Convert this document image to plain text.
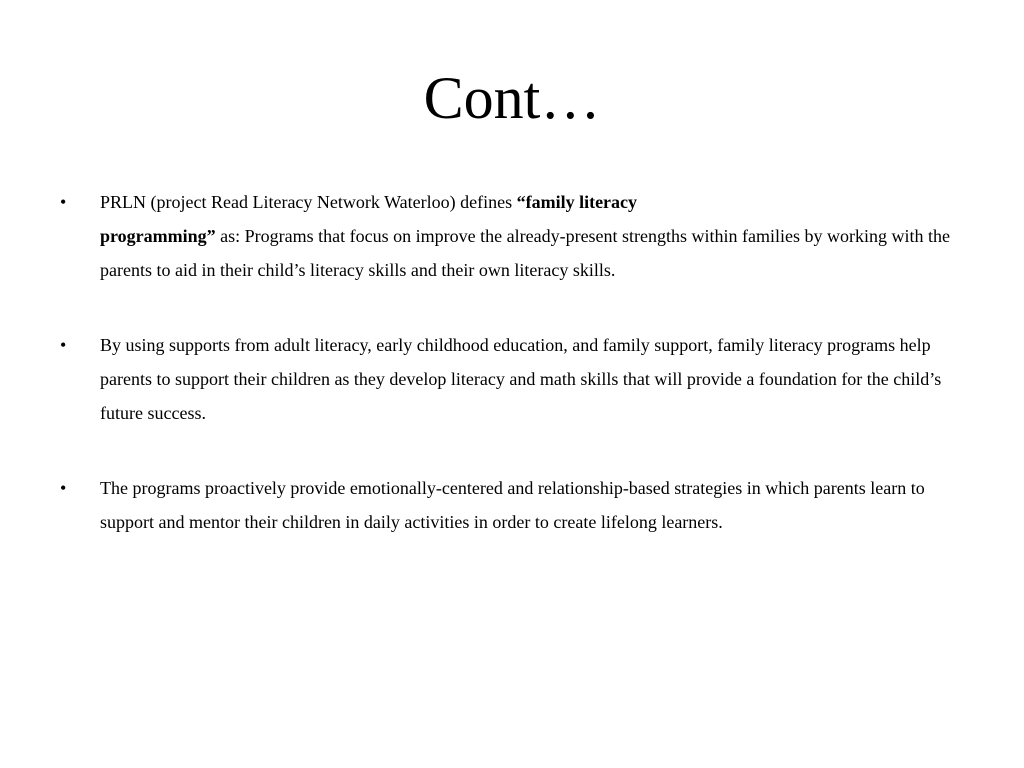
Cont…
•	PRLN (project Read Literacy Network Waterloo) defines “family literacy
programming” as: Programs that focus on improve the already-present strengths within families by working with the parents to aid in their child’s literacy skills and their own literacy skills.
•	By using supports from adult literacy, early childhood education, and family support, family literacy programs help parents to support their children as they develop literacy and math skills that will provide a foundation for the child’s future success.
•	The programs proactively provide emotionally-centered and relationship-based strategies in which parents learn to support and mentor their children in daily activities in order to create lifelong learners.
